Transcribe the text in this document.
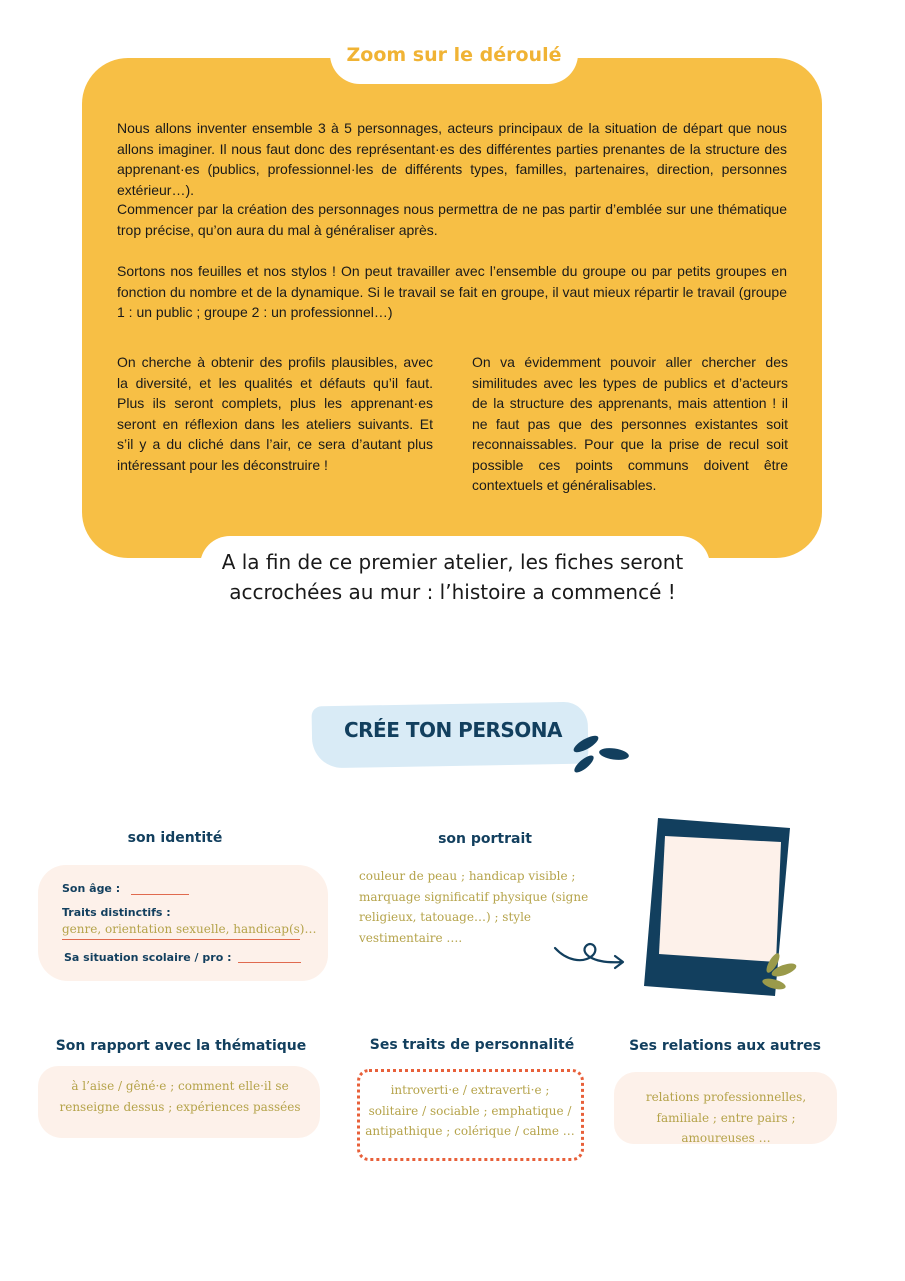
Zoom sur le déroulé
Nous allons inventer ensemble 3 à 5 personnages, acteurs principaux de la situation de départ que nous allons imaginer. Il nous faut donc des représentant·es des différentes parties prenantes de la structure des apprenant·es (publics, professionnel·les de différents types, familles, partenaires, direction, personnes extérieur…).
Commencer par la création des personnages nous permettra de ne pas partir d’emblée sur une thématique trop précise, qu’on aura du mal à généraliser après.
Sortons nos feuilles et nos stylos ! On peut travailler avec l’ensemble du groupe ou par petits groupes en fonction du nombre et de la dynamique. Si le travail se fait en groupe, il vaut mieux répartir le travail (groupe 1 : un public ; groupe 2 : un professionnel…)
On cherche à obtenir des profils plausibles, avec la diversité, et les qualités et défauts qu’il faut. Plus ils seront complets, plus les apprenant·es seront en réflexion dans les ateliers suivants. Et s’il y a du cliché dans l’air, ce sera d’autant plus intéressant pour les déconstruire !
On va évidemment pouvoir aller chercher des similitudes avec les types de publics et d’acteurs de la structure des apprenants, mais attention ! il ne faut pas que des personnes existantes soit reconnaissables. Pour que la prise de recul soit possible ces points communs doivent être contextuels et généralisables.
A la fin de ce premier atelier, les fiches seront
accrochées au mur : l’histoire a commencé !
CRÉE TON PERSONA
son identité
Son âge :
Traits distinctifs :
genre, orientation sexuelle, handicap(s)…
Sa situation scolaire / pro :
son portrait
couleur de peau ; handicap visible ; marquage significatif physique (signe religieux, tatouage…) ; style vestimentaire ….
Son rapport avec la thématique
à l’aise / gêné·e ; comment elle·il se renseigne dessus ; expériences passées
Ses traits de personnalité
introverti·e / extraverti·e ; solitaire / sociable ; emphatique / antipathique ; colérique / calme …
Ses relations aux autres
relations professionnelles, familiale ; entre pairs ; amoureuses …
